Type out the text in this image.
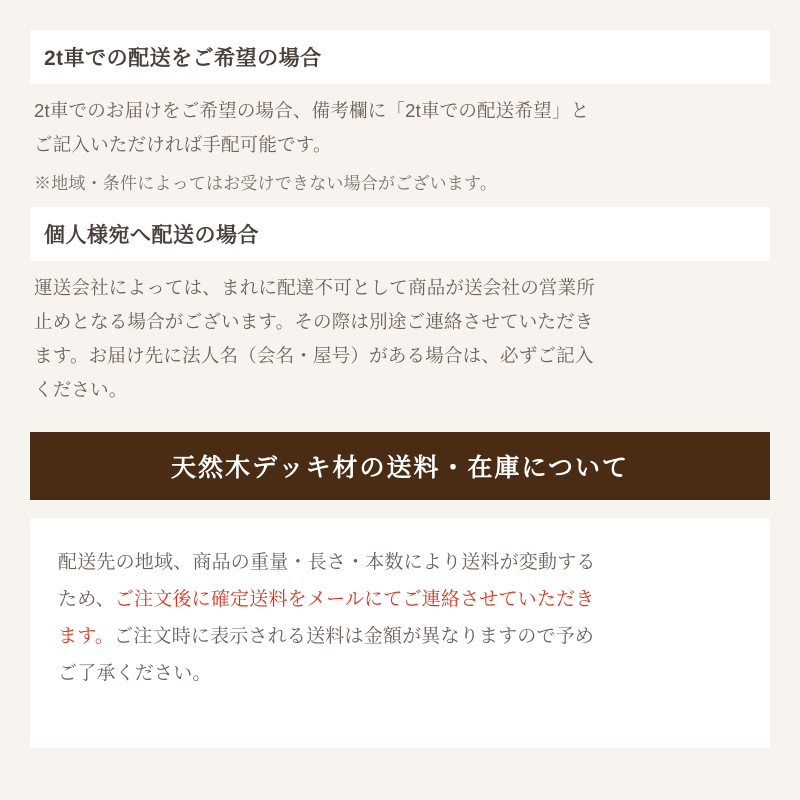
2t車での配送をご希望の場合

2t車でのお届けをご希望の場合、備考欄に「2t車での配送希望」と

ご記入いただければ手配可能です。

※地域・条件によってはお受けできない場合がございます。

個人様宛へ配送の場合

運送会社によっては、まれに配達不可として商品が送会社の営業所

止めとなる場合がございます。その際は別途ご連絡させていただき

ます。お届け先に法人名（会名・屋号）がある場合は、必ずご記入

ください。

天然木デッキ材の送料・在庫について

配送先の地域、商品の重量・長さ・本数により送料が変動する

ため、ご注文後に確定送料をメールにてご連絡させていただき

ます。ご注文時に表示される送料は金額が異なりますので予め

ご了承ください。
